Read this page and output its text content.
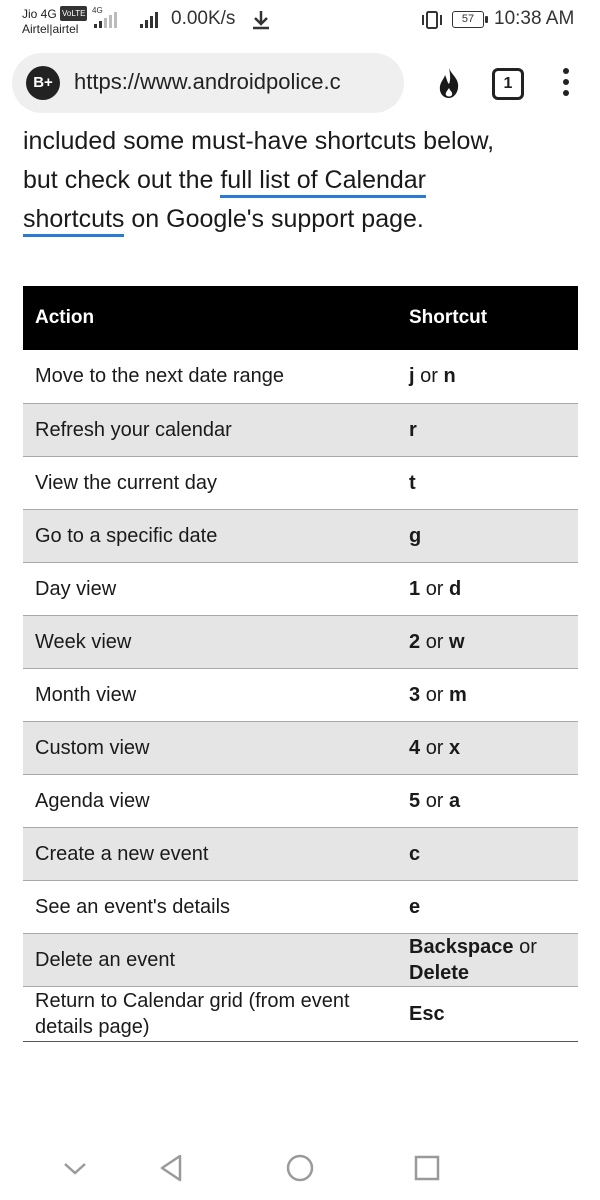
Jio 4G VoLTE
Airtel|airtel
4G	0.00K/s	57	10:38 AM
B+ https://www.androidpolice.c	1
included some must-have shortcuts below,
but check out the full list of Calendar
shortcuts on Google's support page.
Action	Shortcut
Move to the next date range	j or n
Refresh your calendar	r
View the current day	t
Go to a specific date	g
Day view	1 or d
Week view	2 or w
Month view	3 or m
Custom view	4 or x
Agenda view	5 or a
Create a new event	c
See an event's details	e
Delete an event	Backspace or
Delete
Return to Calendar grid (from event details page)	Esc
